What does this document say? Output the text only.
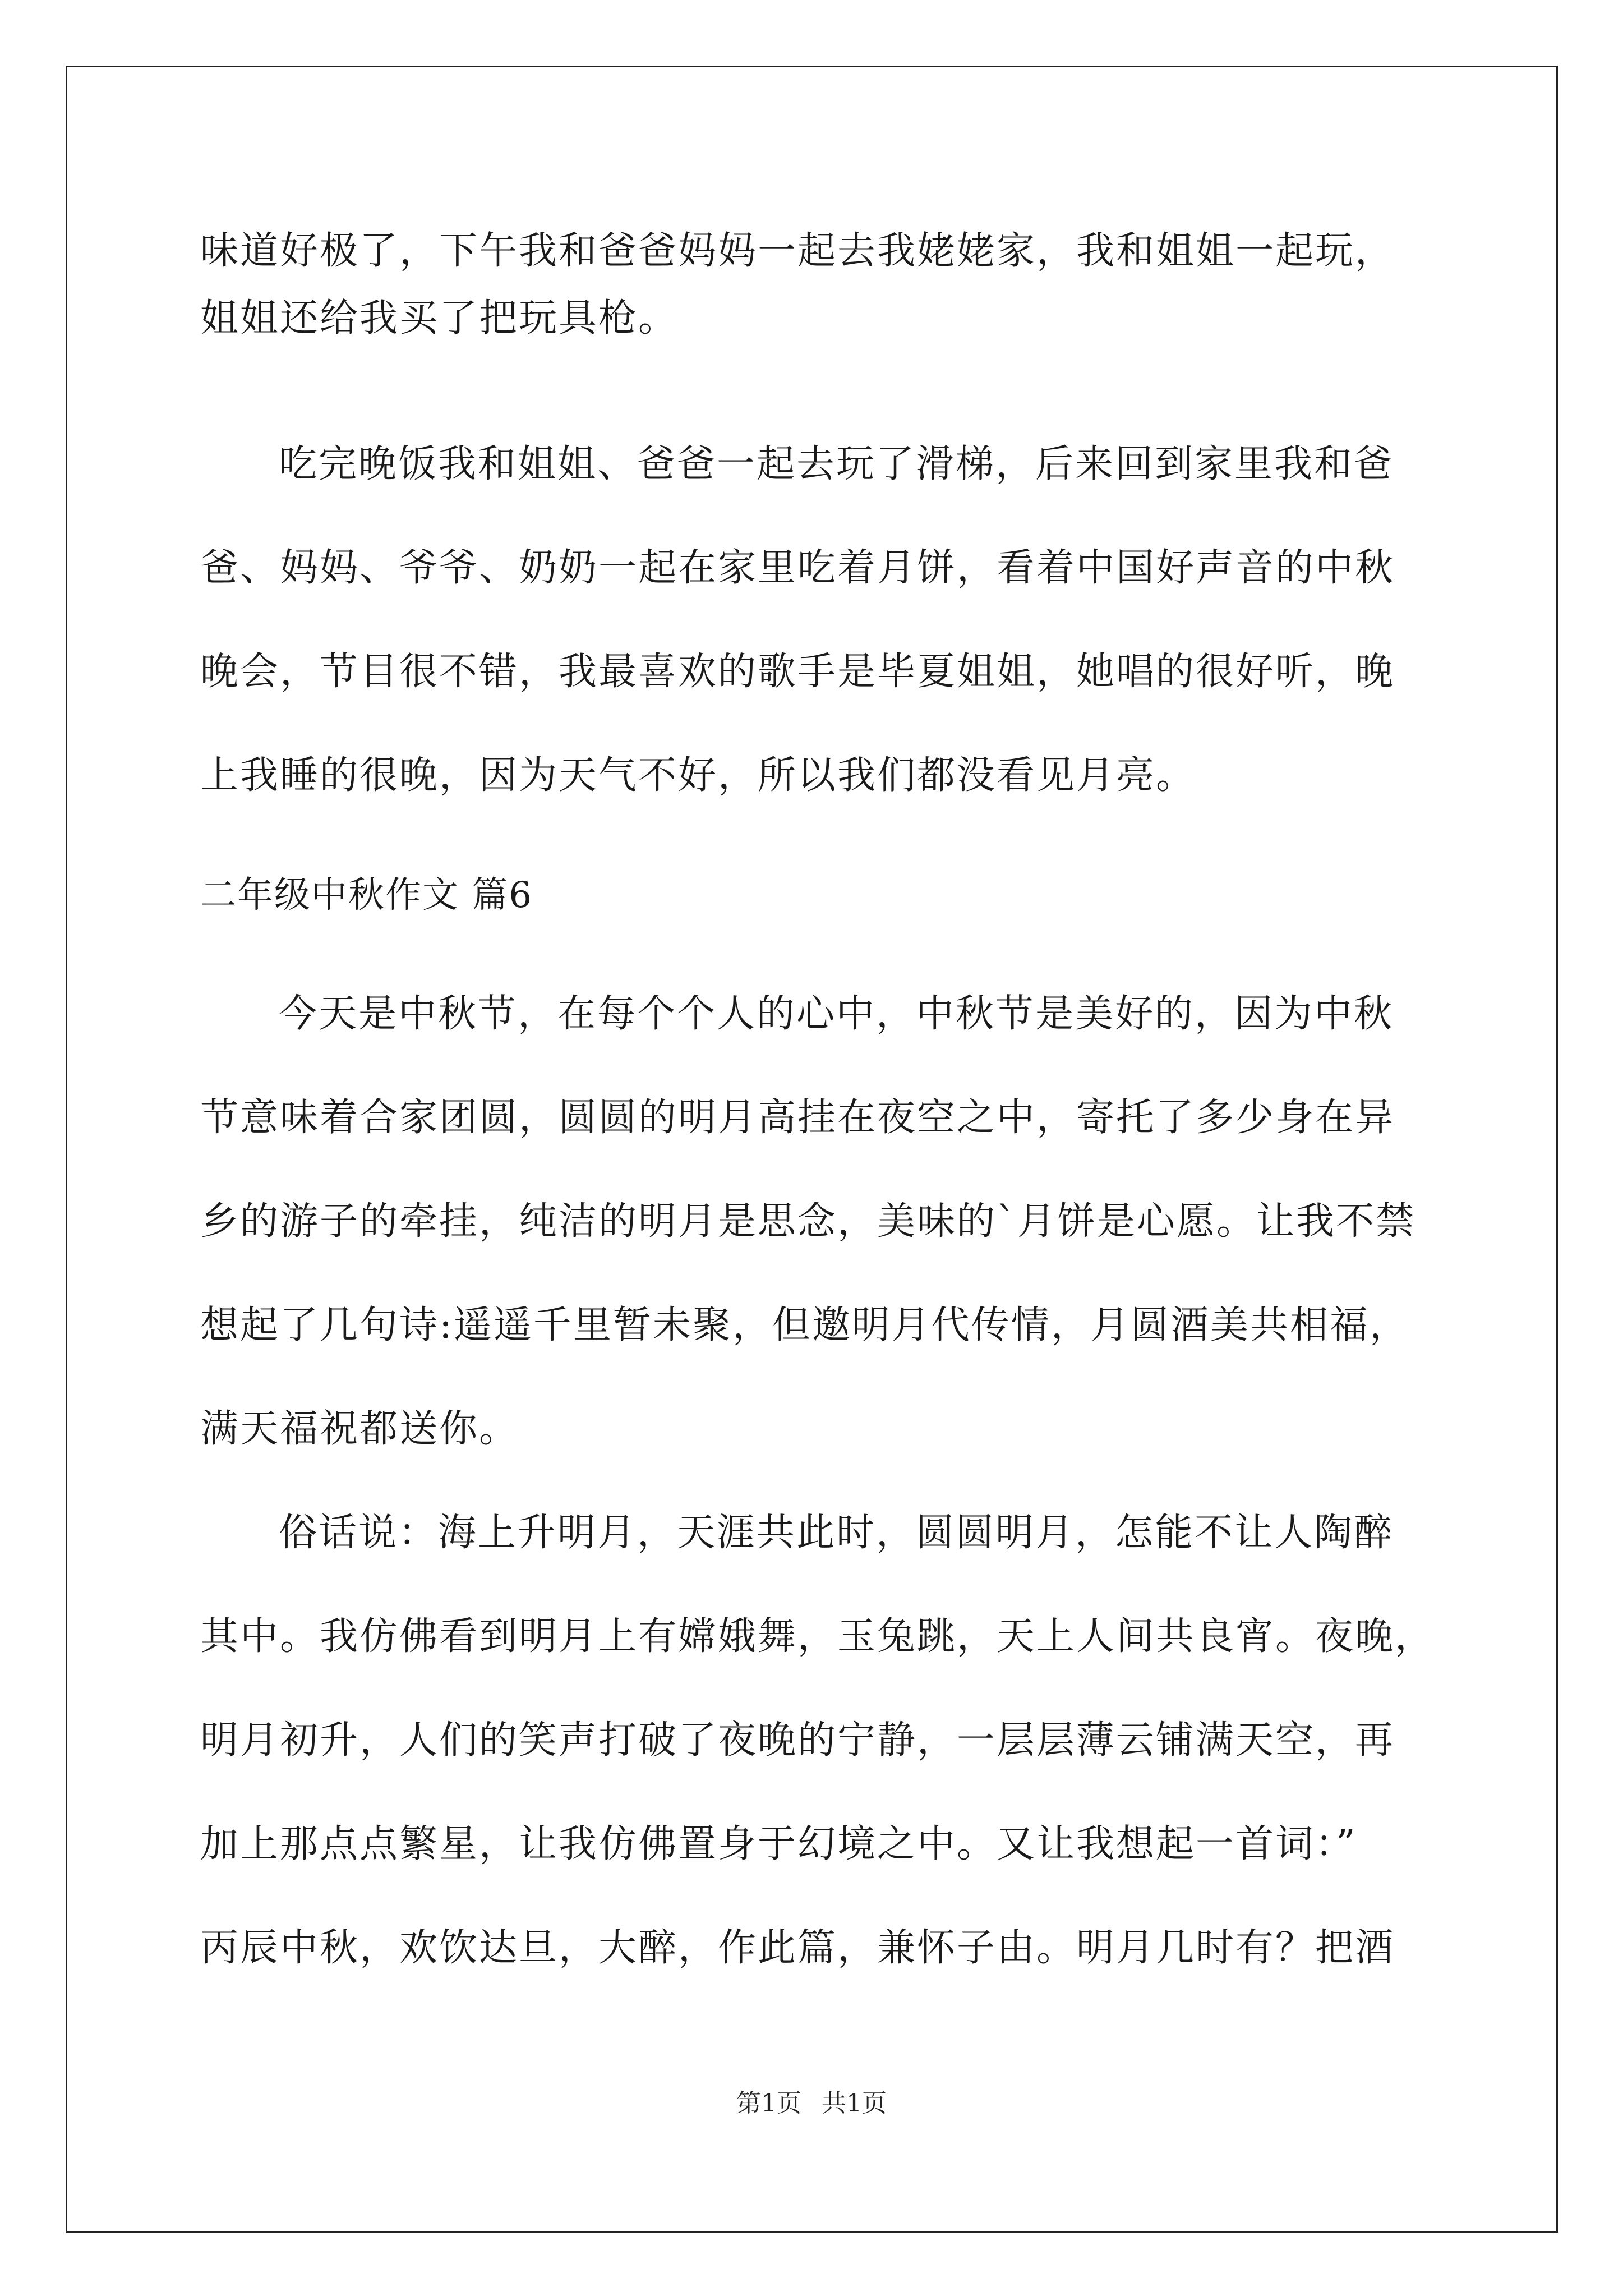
味道好极了，下午我和爸爸妈妈一起去我姥姥家，我和姐姐一起玩，
姐姐还给我买了把玩具枪。
吃完晚饭我和姐姐、爸爸一起去玩了滑梯，后来回到家里我和爸
爸、妈妈、爷爷、奶奶一起在家里吃着月饼，看着中国好声音的中秋
晚会，节目很不错，我最喜欢的歌手是毕夏姐姐，她唱的很好听，晚
上我睡的很晚，因为天气不好，所以我们都没看见月亮。
二年级中秋作文 篇6
今天是中秋节，在每个个人的心中，中秋节是美好的，因为中秋
节意味着合家团圆，圆圆的明月高挂在夜空之中，寄托了多少身在异
乡的游子的牵挂，纯洁的明月是思念，美味的`月饼是心愿。让我不禁
想起了几句诗:遥遥千里暂未聚，但邀明月代传情，月圆酒美共相福，
满天福祝都送你。
俗话说：海上升明月，天涯共此时，圆圆明月，怎能不让人陶醉
其中。我仿佛看到明月上有嫦娥舞，玉兔跳，天上人间共良宵。夜晚，
明月初升，人们的笑声打破了夜晚的宁静，一层层薄云铺满天空，再
加上那点点繁星，让我仿佛置身于幻境之中。又让我想起一首词：”
丙辰中秋，欢饮达旦，大醉，作此篇，兼怀子由。明月几时有？把酒
第1页 共1页
